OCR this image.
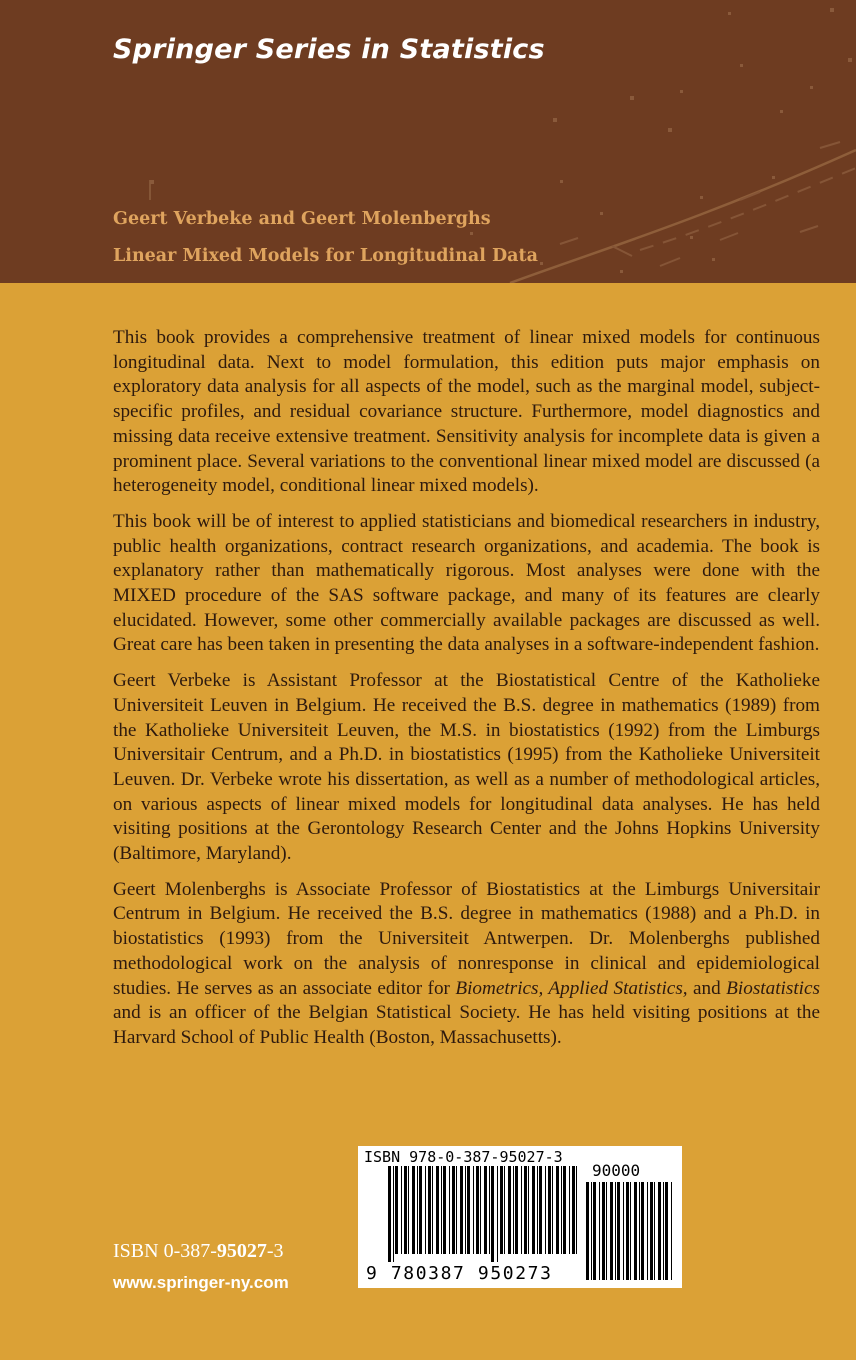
Springer Series in Statistics
Geert Verbeke and Geert Molenberghs
Linear Mixed Models for Longitudinal Data

This book provides a comprehensive treatment of linear mixed models for continuous longitudinal data. Next to model formulation, this edition puts major emphasis on exploratory data analysis for all aspects of the model, such as the marginal model, subject-specific profiles, and residual covariance structure. Furthermore, model diagnostics and missing data receive extensive treatment. Sensitivity analysis for incomplete data is given a prominent place. Several variations to the conventional linear mixed model are discussed (a heterogeneity model, conditional linear mixed models).

This book will be of interest to applied statisticians and biomedical researchers in industry, public health organizations, contract research organizations, and academia. The book is explanatory rather than mathematically rigorous. Most analyses were done with the MIXED procedure of the SAS software package, and many of its features are clearly elucidated. However, some other commercially available packages are discussed as well. Great care has been taken in presenting the data analyses in a software-independent fashion.

Geert Verbeke is Assistant Professor at the Biostatistical Centre of the Katholieke Universiteit Leuven in Belgium. He received the B.S. degree in mathematics (1989) from the Katholieke Universiteit Leuven, the M.S. in biostatistics (1992) from the Limburgs Universitair Centrum, and a Ph.D. in biostatistics (1995) from the Katholieke Universiteit Leuven. Dr. Verbeke wrote his dissertation, as well as a number of methodological articles, on various aspects of linear mixed models for longitudinal data analyses. He has held visiting positions at the Gerontology Research Center and the Johns Hopkins University (Baltimore, Maryland).

Geert Molenberghs is Associate Professor of Biostatistics at the Limburgs Universitair Centrum in Belgium. He received the B.S. degree in mathematics (1988) and a Ph.D. in biostatistics (1993) from the Universiteit Antwerpen. Dr. Molenberghs published methodological work on the analysis of nonresponse in clinical and epidemiological studies. He serves as an associate editor for Biometrics, Applied Statistics, and Biostatistics and is an officer of the Belgian Statistical Society. He has held visiting positions at the Harvard School of Public Health (Boston, Massachusetts).

ISBN 0-387-95027-3
www.springer-ny.com
ISBN 978-0-387-95027-3
90000
9 780387 950273
